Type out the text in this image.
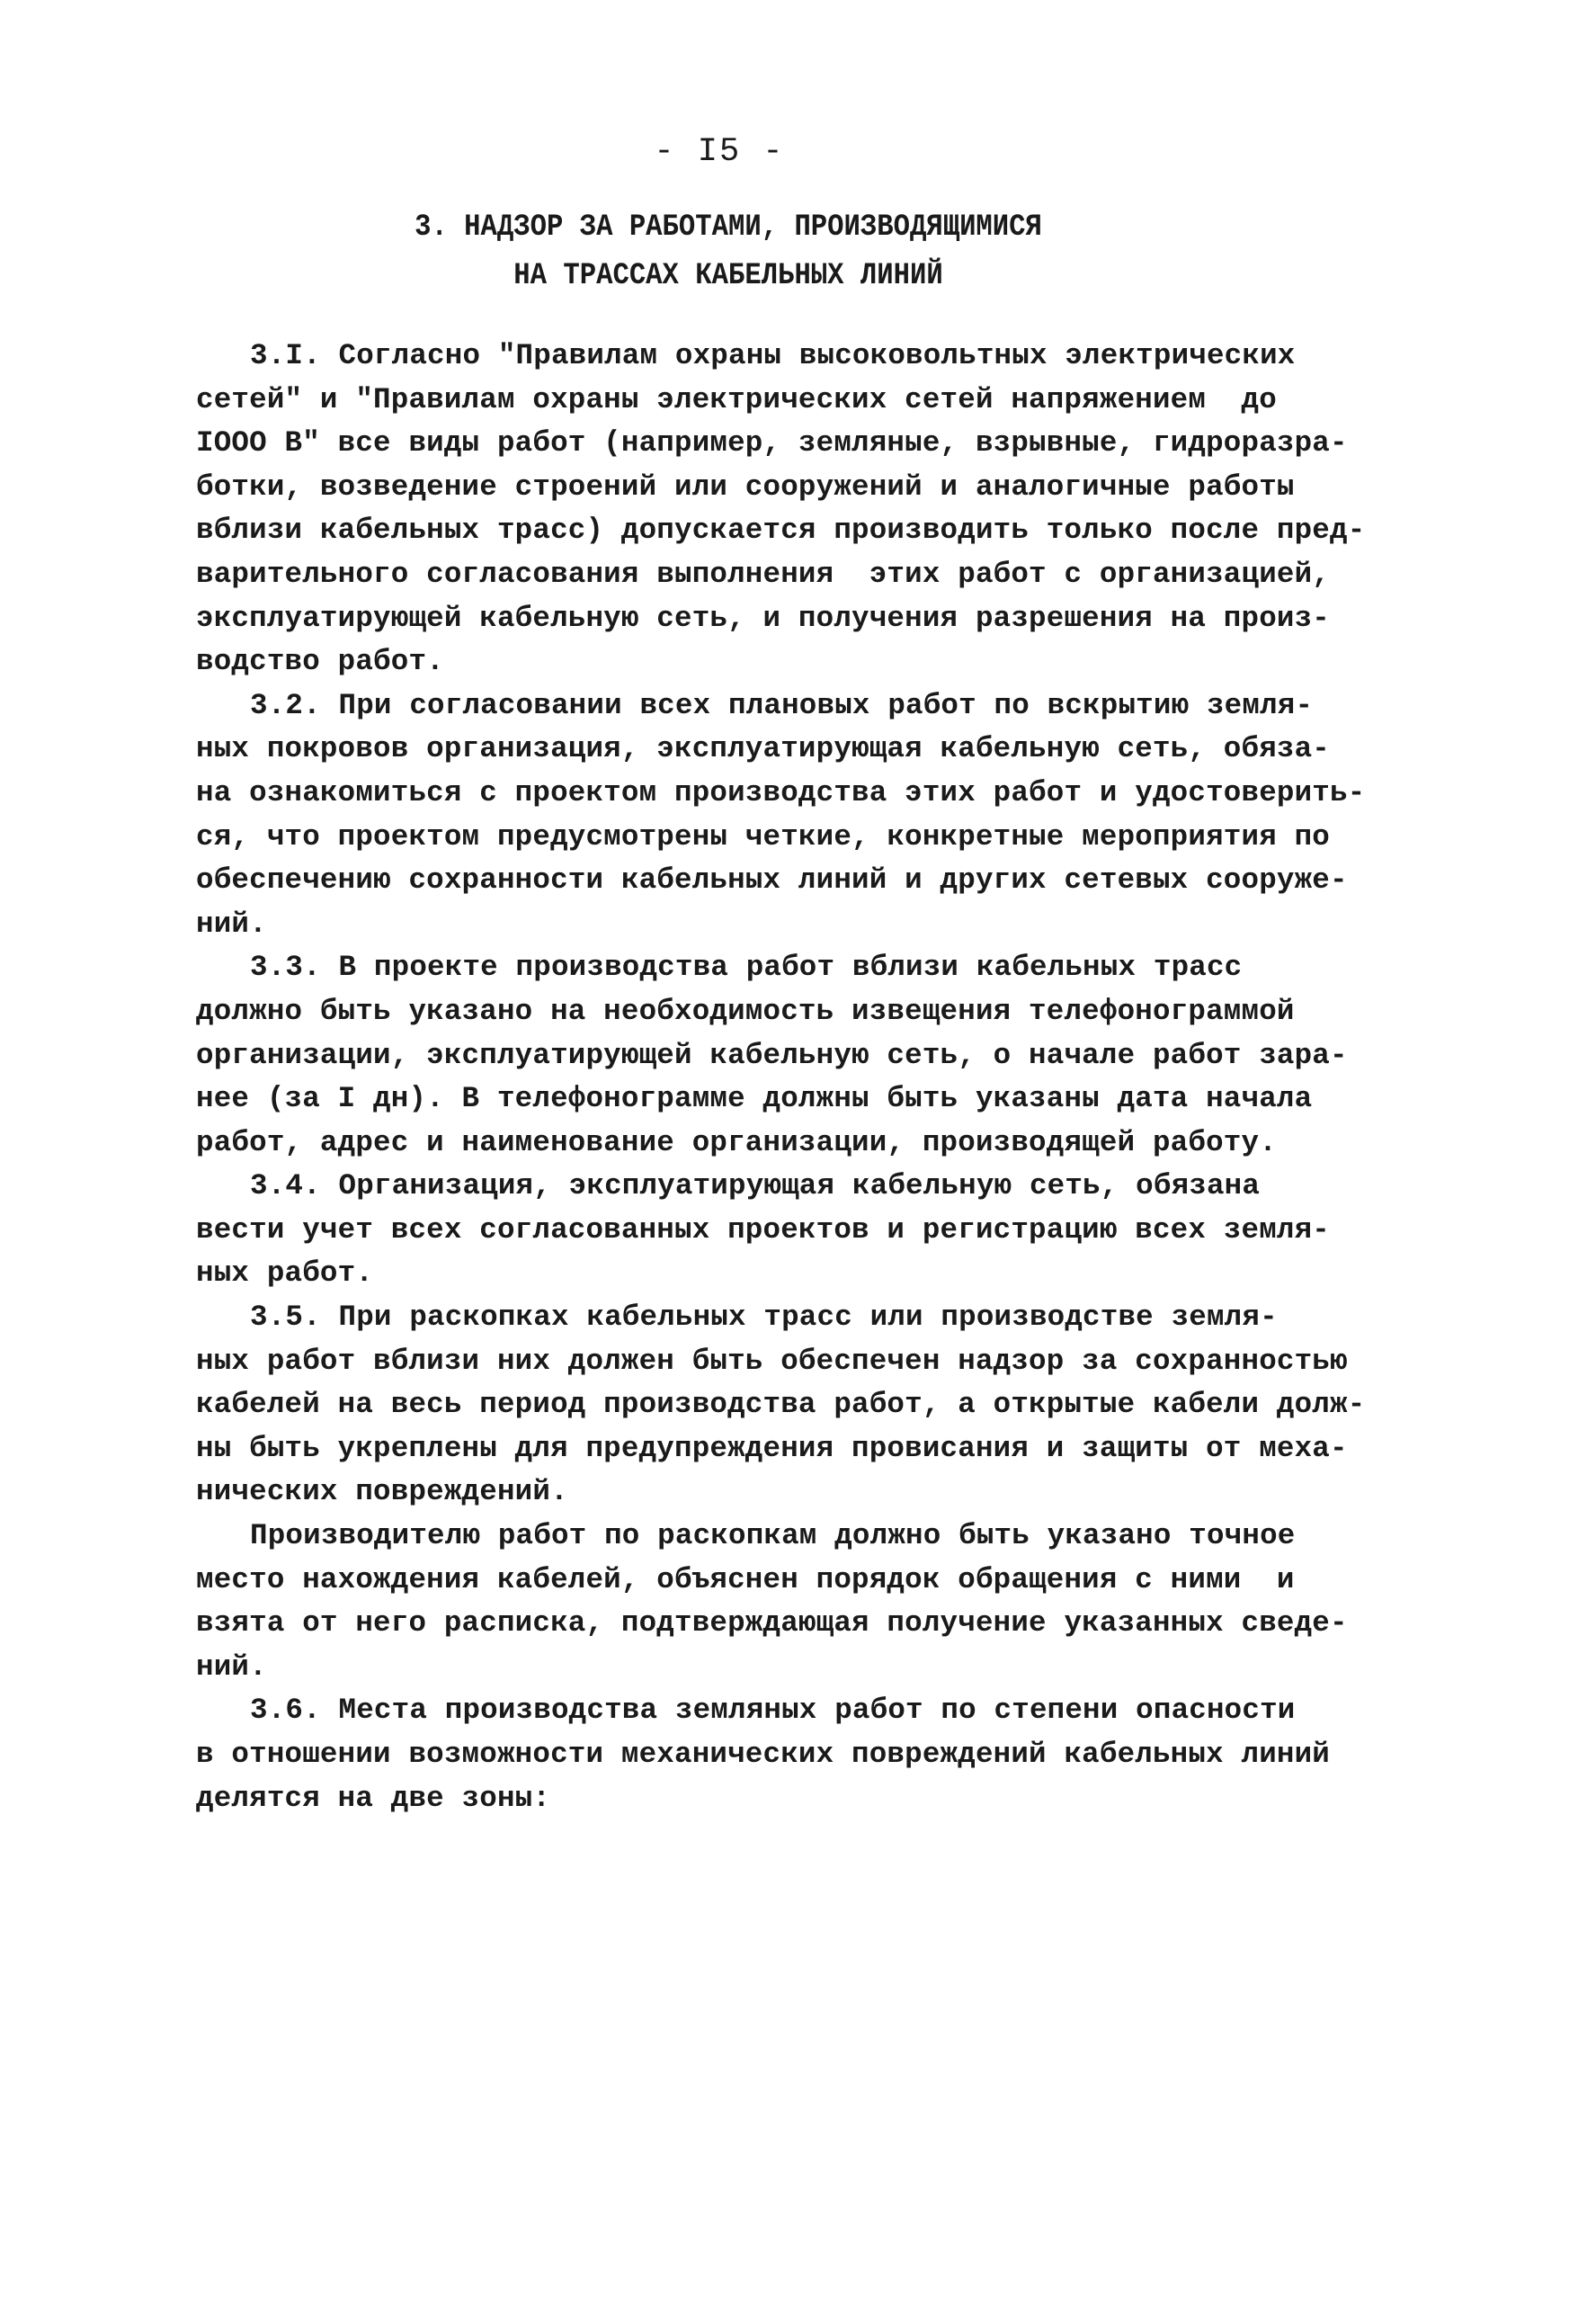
- I5 -
3. НАДЗОР ЗА РАБОТАМИ, ПРОИЗВОДЯЩИМИСЯ
НА ТРАССАХ КАБЕЛЬНЫХ ЛИНИЙ
3.I. Согласно "Правилам охраны высоковольтных электрических
сетей" и "Правилам охраны электрических сетей напряжением  до
IOOO В" все виды работ (например, земляные, взрывные, гидроразра-
ботки, возведение строений или сооружений и аналогичные работы
вблизи кабельных трасс) допускается производить только после пред-
варительного согласования выполнения  этих работ с организацией,
эксплуатирующей кабельную сеть, и получения разрешения на произ-
водство работ.
3.2. При согласовании всех плановых работ по вскрытию земля-
ных покровов организация, эксплуатирующая кабельную сеть, обяза-
на ознакомиться с проектом производства этих работ и удостоверить-
ся, что проектом предусмотрены четкие, конкретные мероприятия по
обеспечению сохранности кабельных линий и других сетевых сооруже-
ний.
3.3. В проекте производства работ вблизи кабельных трасс
должно быть указано на необходимость извещения телефонограммой
организации, эксплуатирующей кабельную сеть, о начале работ зара-
нее (за I дн). В телефонограмме должны быть указаны дата начала
работ, адрес и наименование организации, производящей работу.
3.4. Организация, эксплуатирующая кабельную сеть, обязана
вести учет всех согласованных проектов и регистрацию всех земля-
ных работ.
3.5. При раскопках кабельных трасс или производстве земля-
ных работ вблизи них должен быть обеспечен надзор за сохранностью
кабелей на весь период производства работ, а открытые кабели долж-
ны быть укреплены для предупреждения провисания и защиты от меха-
нических повреждений.
Производителю работ по раскопкам должно быть указано точное
место нахождения кабелей, объяснен порядок обращения с ними  и
взята от него расписка, подтверждающая получение указанных сведе-
ний.
3.6. Места производства земляных работ по степени опасности
в отношении возможности механических повреждений кабельных линий
делятся на две зоны:
